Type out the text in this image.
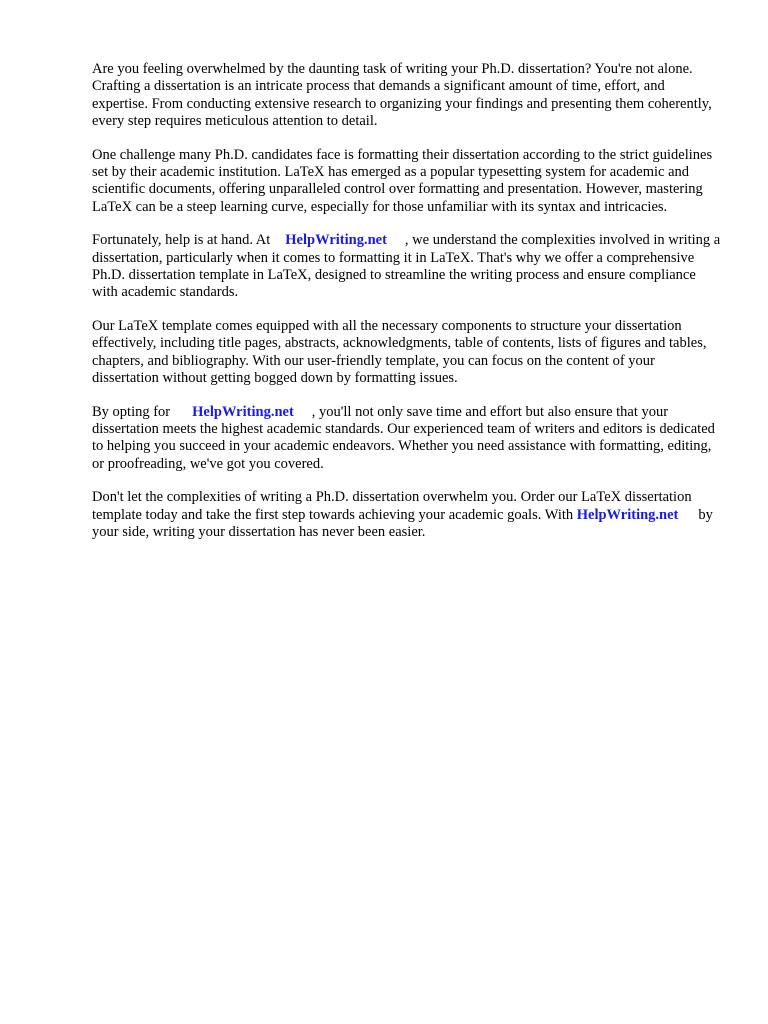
Are you feeling overwhelmed by the daunting task of writing your Ph.D. dissertation? You're not alone. Crafting a dissertation is an intricate process that demands a significant amount of time, effort, and expertise. From conducting extensive research to organizing your findings and presenting them coherently, every step requires meticulous attention to detail.

One challenge many Ph.D. candidates face is formatting their dissertation according to the strict guidelines set by their academic institution. LaTeX has emerged as a popular typesetting system for academic and scientific documents, offering unparalleled control over formatting and presentation. However, mastering LaTeX can be a steep learning curve, especially for those unfamiliar with its syntax and intricacies.

Fortunately, help is at hand. At HelpWriting.net , we understand the complexities involved in writing a dissertation, particularly when it comes to formatting it in LaTeX. That's why we offer a comprehensive Ph.D. dissertation template in LaTeX, designed to streamline the writing process and ensure compliance with academic standards.

Our LaTeX template comes equipped with all the necessary components to structure your dissertation effectively, including title pages, abstracts, acknowledgments, table of contents, lists of figures and tables, chapters, and bibliography. With our user-friendly template, you can focus on the content of your dissertation without getting bogged down by formatting issues.

By opting for HelpWriting.net , you'll not only save time and effort but also ensure that your dissertation meets the highest academic standards. Our experienced team of writers and editors is dedicated to helping you succeed in your academic endeavors. Whether you need assistance with formatting, editing, or proofreading, we've got you covered.

Don't let the complexities of writing a Ph.D. dissertation overwhelm you. Order our LaTeX dissertation template today and take the first step towards achieving your academic goals. With HelpWriting.net by your side, writing your dissertation has never been easier.
